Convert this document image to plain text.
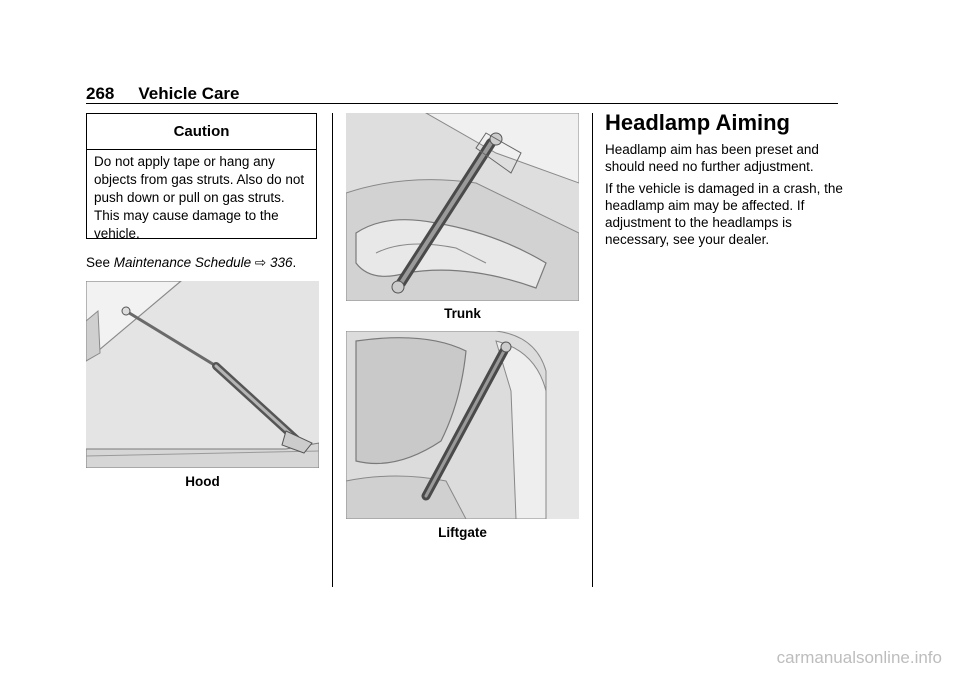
268 Vehicle Care
Caution
Do not apply tape or hang any objects from gas struts. Also do not push down or pull on gas struts. This may cause damage to the vehicle.
See Maintenance Schedule ⇨ 336.
Hood
Trunk
Liftgate
Headlamp Aiming
Headlamp aim has been preset and should need no further adjustment.
If the vehicle is damaged in a crash, the headlamp aim may be affected. If adjustment to the headlamps is necessary, see your dealer.
carmanualsonline.info
